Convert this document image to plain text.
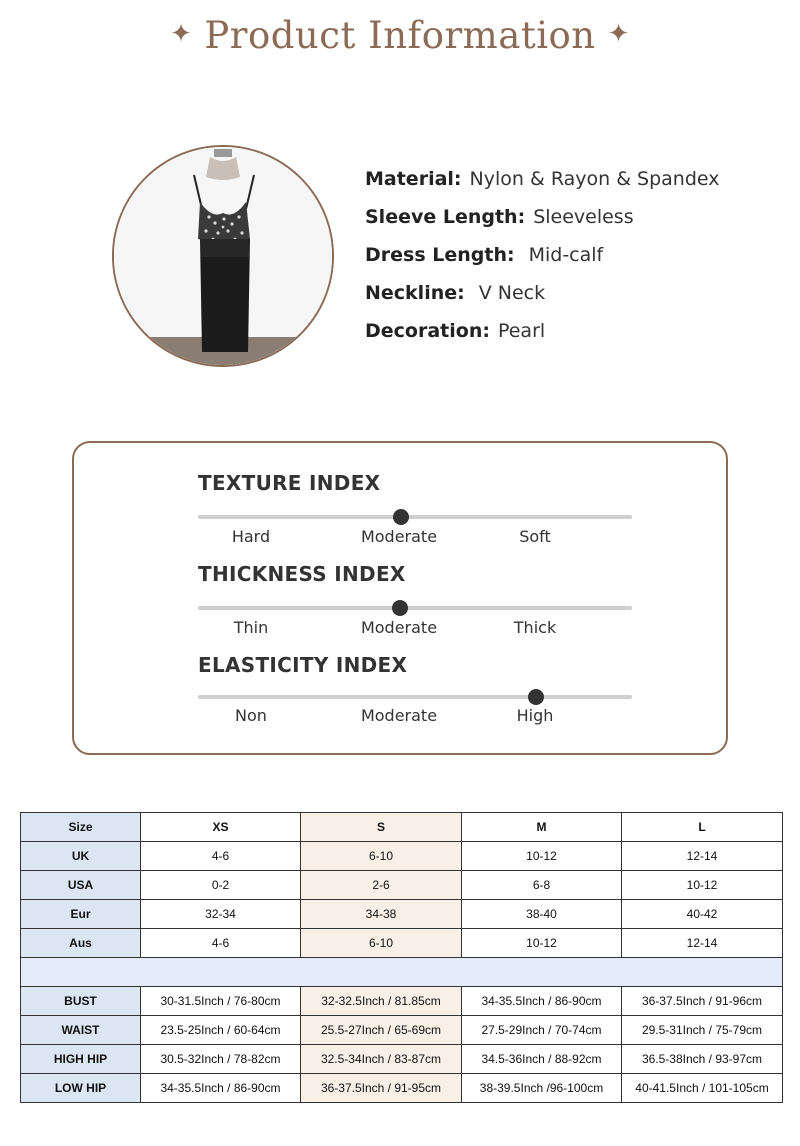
✦ Product Information ✦
Material: Nylon & Rayon & Spandex
Sleeve Length: Sleeveless
Dress Length: Mid-calf
Neckline: V Neck
Decoration: Pearl
TEXTURE INDEX
Hard	Moderate	Soft
THICKNESS INDEX
Thin	Moderate	Thick
ELASTICITY INDEX
Non	Moderate	High
Size	XS	S	M	L
UK	4-6	6-10	10-12	12-14
USA	0-2	2-6	6-8	10-12
Eur	32-34	34-38	38-40	40-42
Aus	4-6	6-10	10-12	12-14

BUST	30-31.5Inch / 76-80cm	32-32.5Inch / 81.85cm	34-35.5Inch / 86-90cm	36-37.5Inch / 91-96cm
WAIST	23.5-25Inch / 60-64cm	25.5-27Inch / 65-69cm	27.5-29Inch / 70-74cm	29.5-31Inch / 75-79cm
HIGH HIP	30.5-32Inch / 78-82cm	32.5-34Inch / 83-87cm	34.5-36Inch / 88-92cm	36.5-38Inch / 93-97cm
LOW HIP	34-35.5Inch / 86-90cm	36-37.5Inch / 91-95cm	38-39.5Inch /96-100cm	40-41.5Inch / 101-105cm
